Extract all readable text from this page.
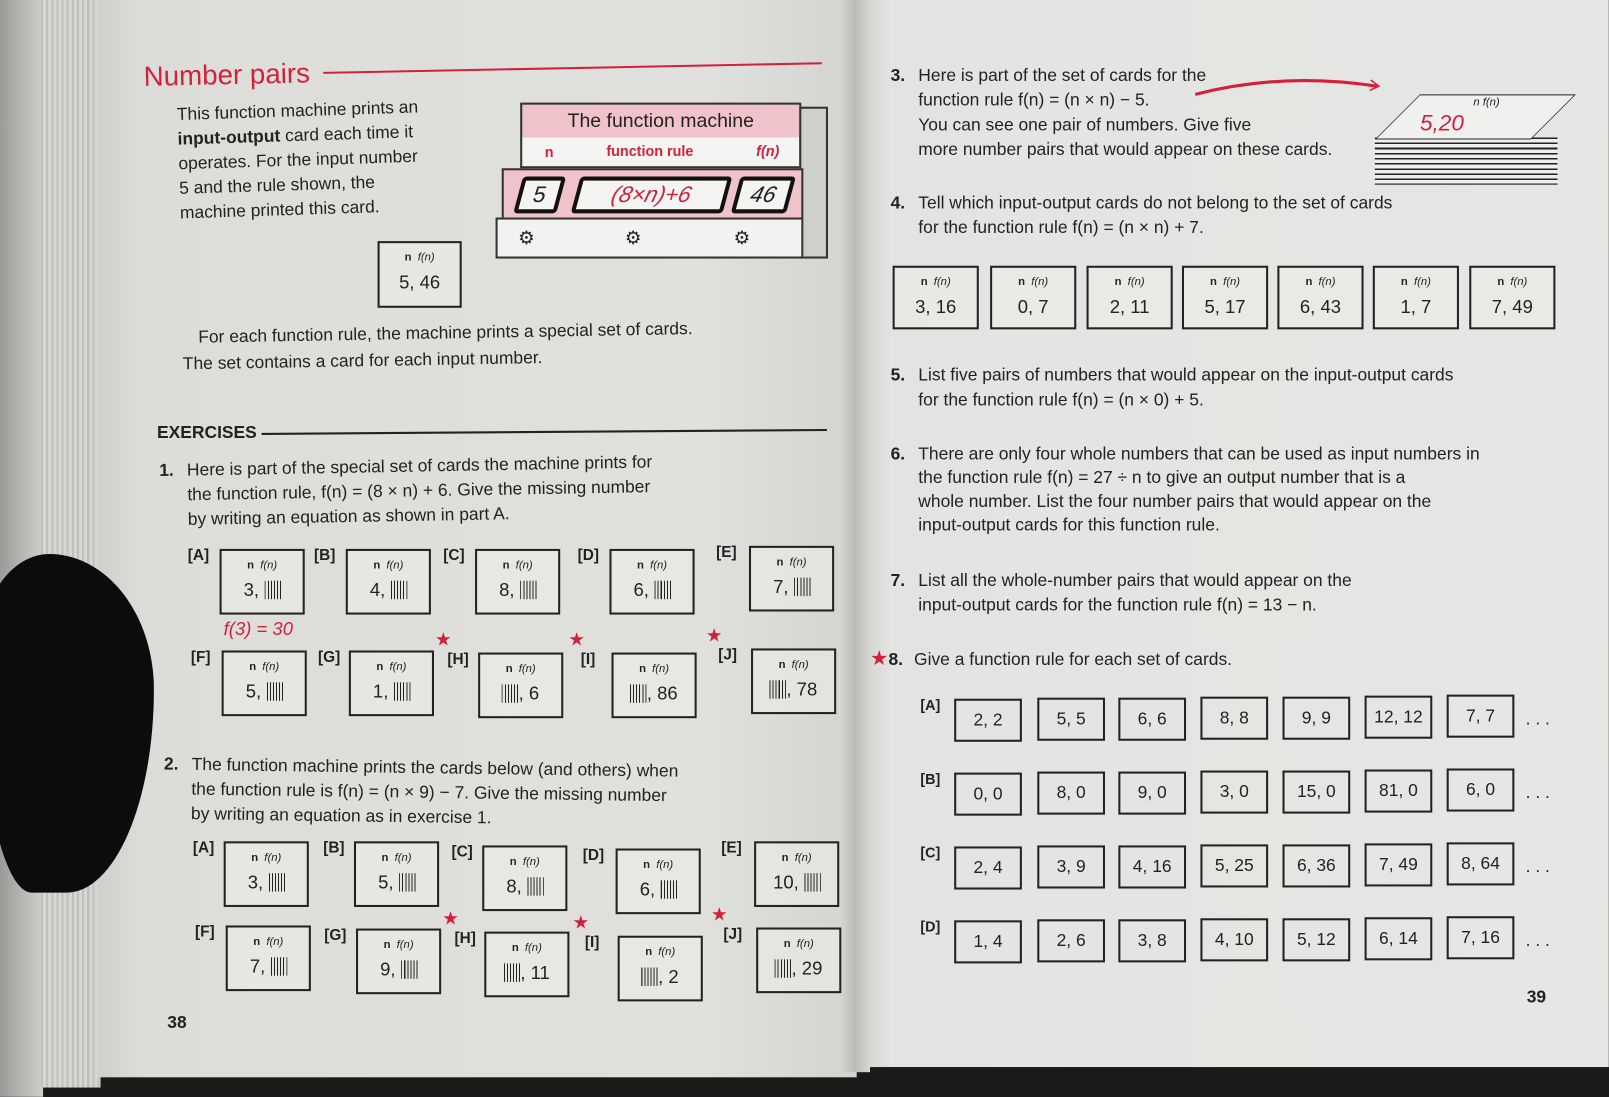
Number pairs
This function machine prints an
input-output card each time it
operates. For the input number
5 and the rule shown, the
machine printed this card.
The function machine
n	function rule	f(n)
5	(8×n)+6	46
⚙	⚙	⚙
n f(n)
5, 46
For each function rule, the machine prints a special set of cards.
The set contains a card for each input number.
EXERCISES
1. Here is part of the special set of cards the machine prints for
the function rule, f(n) = (8 × n) + 6. Give the missing number
by writing an equation as shown in part A.
f(3) = 30
2. The function machine prints the cards below (and others) when
the function rule is f(n) = (n × 9) − 7. Give the missing number
by writing an equation as in exercise 1.
38
3. Here is part of the set of cards for the
function rule f(n) = (n × n) − 5.
You can see one pair of numbers. Give five
more number pairs that would appear on these cards.
n f(n)
5,20
4. Tell which input-output cards do not belong to the set of cards
for the function rule f(n) = (n × n) + 7.
5. List five pairs of numbers that would appear on the input-output cards
for the function rule f(n) = (n × 0) + 5.
6. There are only four whole numbers that can be used as input numbers in
the function rule f(n) = 27 ÷ n to give an output number that is a
whole number. List the four number pairs that would appear on the
input-output cards for this function rule.
7. List all the whole-number pairs that would appear on the
input-output cards for the function rule f(n) = 13 − n.
★8. Give a function rule for each set of cards.
39
[A]
n f(n)
3,
[B]
n f(n)
4,
[C]
n f(n)
8,
[D]
n f(n)
6,
[E]
n f(n)
7,
[F]
n f(n)
5,
[G]
n f(n)
1,
[H]
n f(n)
, 6
★
[I]
n f(n)
, 86
★
[J]
n f(n)
, 78
★
[A]
n f(n)
3,
[B]
n f(n)
5,
[C]
n f(n)
8,
[D]
n f(n)
6,
[E]
n f(n)
10,
[F]
n f(n)
7,
[G]
n f(n)
9,
[H]
n f(n)
, 11
★
[I]
n f(n)
, 2
★
[J]
n f(n)
, 29
★
n f(n)
3, 16
n f(n)
0, 7
n f(n)
2, 11
n f(n)
5, 17
n f(n)
6, 43
n f(n)
1, 7
n f(n)
7, 49
[A]
2, 2	5, 5	6, 6	8, 8	9, 9	12, 12	7, 7	. . .
[B]
0, 0	8, 0	9, 0	3, 0	15, 0	81, 0	6, 0	. . .
[C]
2, 4	3, 9	4, 16	5, 25	6, 36	7, 49	8, 64	. . .
[D]
1, 4	2, 6	3, 8	4, 10	5, 12	6, 14	7, 16	. . .
